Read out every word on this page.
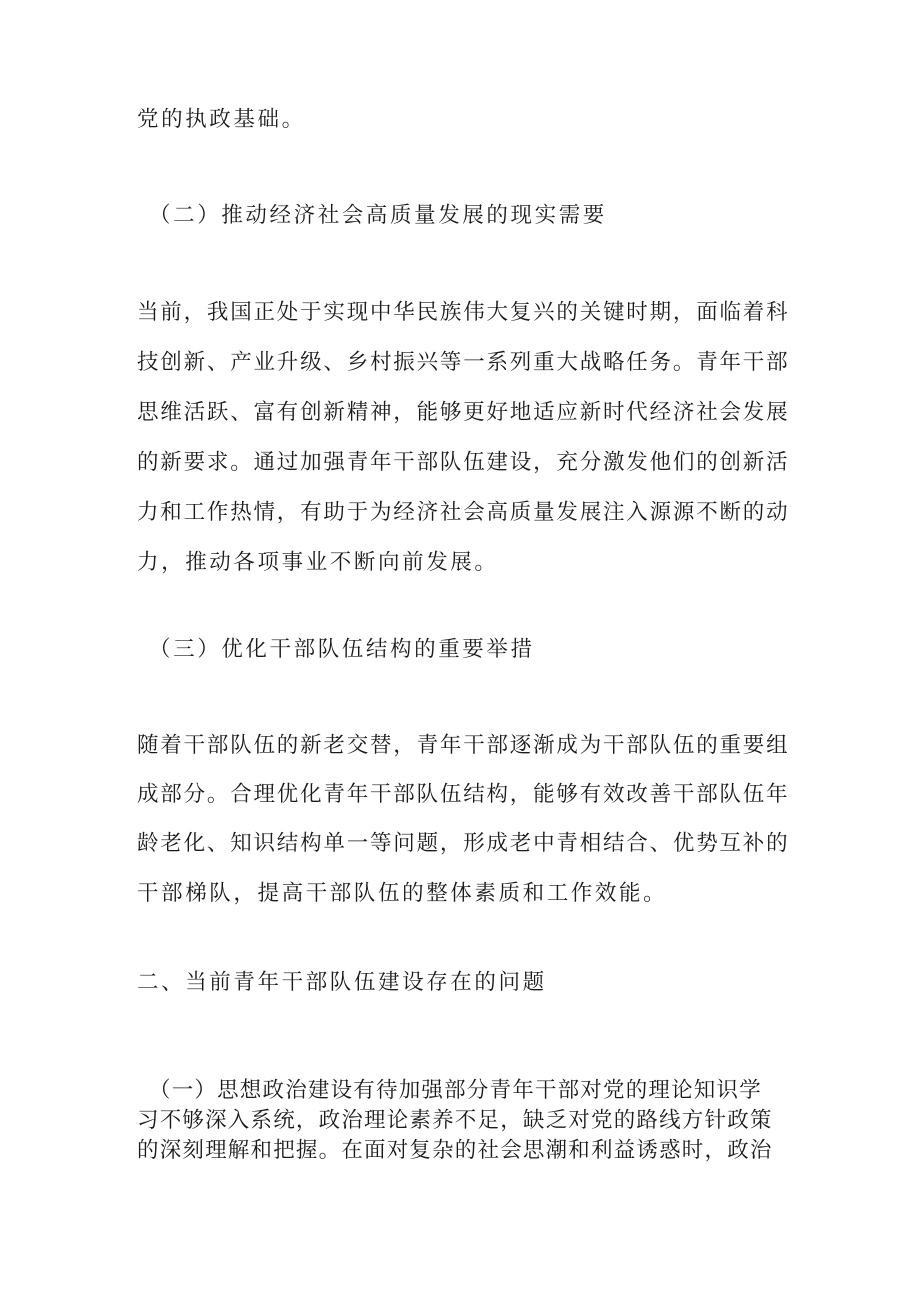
党的执政基础。
（二）推动经济社会高质量发展的现实需要
当前，我国正处于实现中华民族伟大复兴的关键时期，面临着科
技创新、产业升级、乡村振兴等一系列重大战略任务。青年干部
思维活跃、富有创新精神，能够更好地适应新时代经济社会发展
的新要求。通过加强青年干部队伍建设，充分激发他们的创新活
力和工作热情，有助于为经济社会高质量发展注入源源不断的动
力，推动各项事业不断向前发展。
（三）优化干部队伍结构的重要举措
随着干部队伍的新老交替，青年干部逐渐成为干部队伍的重要组
成部分。合理优化青年干部队伍结构，能够有效改善干部队伍年
龄老化、知识结构单一等问题，形成老中青相结合、优势互补的
干部梯队，提高干部队伍的整体素质和工作效能。
二、当前青年干部队伍建设存在的问题
（一）思想政治建设有待加强部分青年干部对党的理论知识学
习不够深入系统，政治理论素养不足，缺乏对党的路线方针政策
的深刻理解和把握。在面对复杂的社会思潮和利益诱惑时，政治
